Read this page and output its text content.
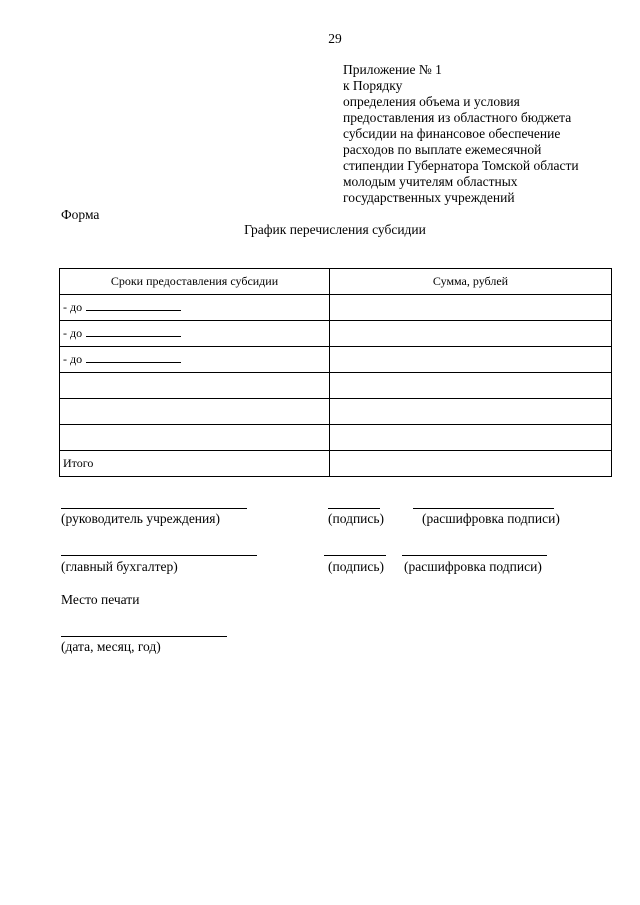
29
Приложение № 1
к Порядку
определения объема и условия
предоставления из областного бюджета
субсидии на финансовое обеспечение
расходов по выплате ежемесячной
стипендии Губернатора Томской области
молодым учителям областных
государственных учреждений
Форма
График перечисления субсидии
Сроки предоставления субсидии	Сумма, рублей
- до	
- до	
- до	

Итого	
(руководитель учреждения)	(подпись)	(расшифровка подписи)
(главный бухгалтер)	(подпись) (расшифровка подписи)
Место печати
(дата, месяц, год)
